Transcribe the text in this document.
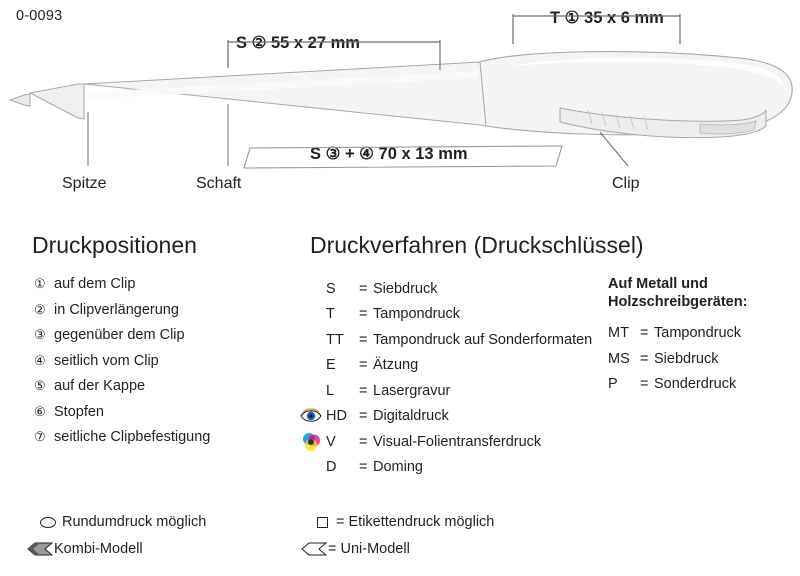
0-0093	T ① 35 x 6 mm
S ② 55 x 27 mm
S ③ + ④ 70 x 13 mm
Spitze	Schaft	Clip
Druckpositionen	Druckverfahren (Druckschlüssel)
Auf Metall und
Holzschreibgeräten:
① auf dem Clip
② in Clipverlängerung
③ gegenüber dem Clip
④ seitlich vom Clip
⑤ auf der Kappe
⑥ Stopfen
⑦ seitliche Clipbefestigung
S	= Siebdruck
T	= Tampondruck
TT	= Tampondruck auf Sonderformaten
E	= Ätzung
L	= Lasergravur
HD = Digitaldruck
V	= Visual-Folientransferdruck
D	= Doming
MT = Tampondruck
MS = Siebdruck
P	= Sonderdruck
Rundumdruck möglich
Kombi-Modell
= Etikettendruck möglich
= Uni-Modell
